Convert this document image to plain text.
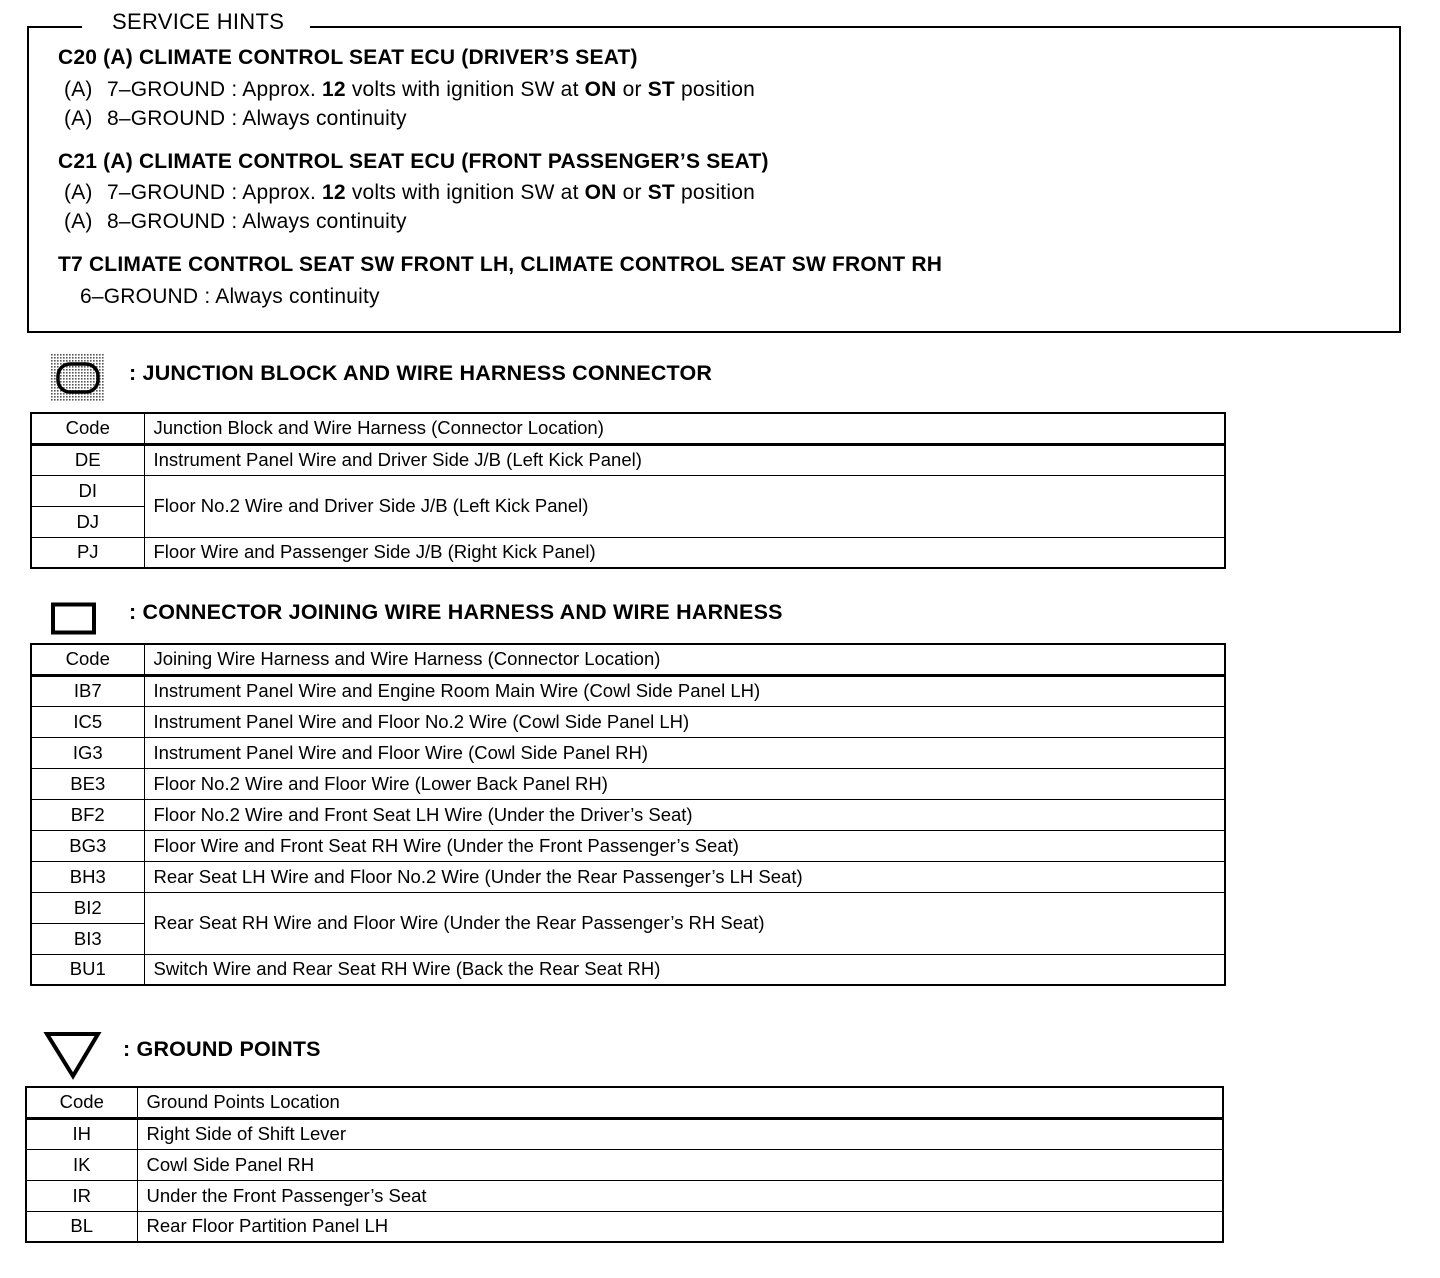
SERVICE HINTS
C20 (A) CLIMATE CONTROL SEAT ECU (DRIVER’S SEAT)
(A) 7–GROUND : Approx. 12 volts with ignition SW at ON or ST position
(A) 8–GROUND : Always continuity
C21 (A) CLIMATE CONTROL SEAT ECU (FRONT PASSENGER’S SEAT)
(A) 7–GROUND : Approx. 12 volts with ignition SW at ON or ST position
(A) 8–GROUND : Always continuity
T7 CLIMATE CONTROL SEAT SW FRONT LH, CLIMATE CONTROL SEAT SW FRONT RH
6–GROUND : Always continuity
: JUNCTION BLOCK AND WIRE HARNESS CONNECTOR
Code	Junction Block and Wire Harness (Connector Location)
DE	Instrument Panel Wire and Driver Side J/B (Left Kick Panel)
DI	Floor No.2 Wire and Driver Side J/B (Left Kick Panel)
DJ	
PJ	Floor Wire and Passenger Side J/B (Right Kick Panel)
: CONNECTOR JOINING WIRE HARNESS AND WIRE HARNESS
Code	Joining Wire Harness and Wire Harness (Connector Location)
IB7	Instrument Panel Wire and Engine Room Main Wire (Cowl Side Panel LH)
IC5	Instrument Panel Wire and Floor No.2 Wire (Cowl Side Panel LH)
IG3	Instrument Panel Wire and Floor Wire (Cowl Side Panel RH)
BE3	Floor No.2 Wire and Floor Wire (Lower Back Panel RH)
BF2	Floor No.2 Wire and Front Seat LH Wire (Under the Driver’s Seat)
BG3	Floor Wire and Front Seat RH Wire (Under the Front Passenger’s Seat)
BH3	Rear Seat LH Wire and Floor No.2 Wire (Under the Rear Passenger’s LH Seat)
BI2	Rear Seat RH Wire and Floor Wire (Under the Rear Passenger’s RH Seat)
BI3	
BU1	Switch Wire and Rear Seat RH Wire (Back the Rear Seat RH)
: GROUND POINTS
Code	Ground Points Location
IH	Right Side of Shift Lever
IK	Cowl Side Panel RH
IR	Under the Front Passenger’s Seat
BL	Rear Floor Partition Panel LH
